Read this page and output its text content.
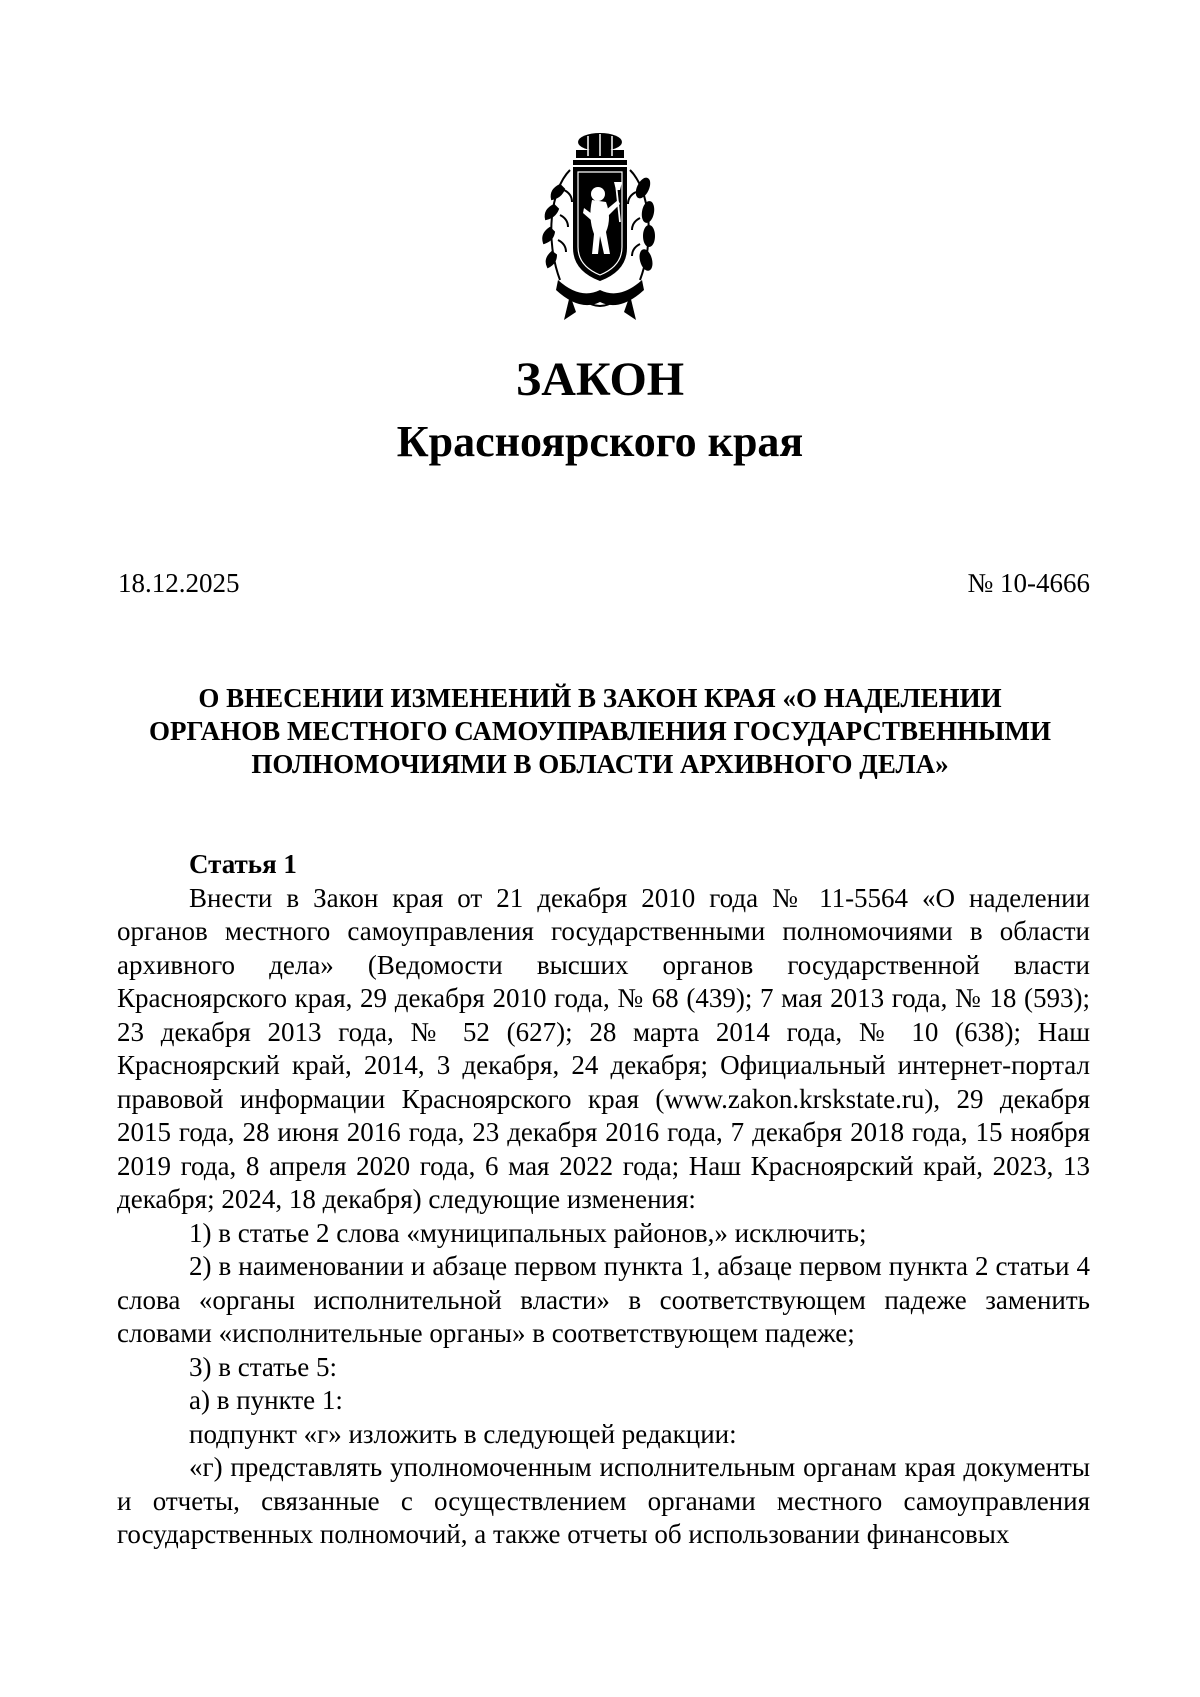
ЗАКОН
Красноярского края
18.12.2025	№ 10-4666
О ВНЕСЕНИИ ИЗМЕНЕНИЙ В ЗАКОН КРАЯ «О НАДЕЛЕНИИ
ОРГАНОВ МЕСТНОГО САМОУПРАВЛЕНИЯ ГОСУДАРСТВЕННЫМИ
ПОЛНОМОЧИЯМИ В ОБЛАСТИ АРХИВНОГО ДЕЛА»

Статья 1

Внести в Закон края от 21 декабря 2010 года № 11-5564 «О наделении органов местного самоуправления государственными полномочиями в области архивного дела» (Ведомости высших органов государственной власти Красноярского края, 29 декабря 2010 года, № 68 (439); 7 мая 2013 года, № 18 (593); 23 декабря 2013 года, № 52 (627); 28 марта 2014 года, № 10 (638); Наш Красноярский край, 2014, 3 декабря, 24 декабря; Официальный интернет-портал правовой информации Красноярского края (www.zakon.krskstate.ru), 29 декабря 2015 года, 28 июня 2016 года, 23 декабря 2016 года, 7 декабря 2018 года, 15 ноября 2019 года, 8 апреля 2020 года, 6 мая 2022 года; Наш Красноярский край, 2023, 13 декабря; 2024, 18 декабря) следующие изменения:

1) в статье 2 слова «муниципальных районов,» исключить;

2) в наименовании и абзаце первом пункта 1, абзаце первом пункта 2 статьи 4 слова «органы исполнительной власти» в соответствующем падеже заменить словами «исполнительные органы» в соответствующем падеже;

3) в статье 5:

а) в пункте 1:

подпункт «г» изложить в следующей редакции:

«г) представлять уполномоченным исполнительным органам края документы и отчеты, связанные с осуществлением органами местного самоуправления государственных полномочий, а также отчеты об использовании финансовых
